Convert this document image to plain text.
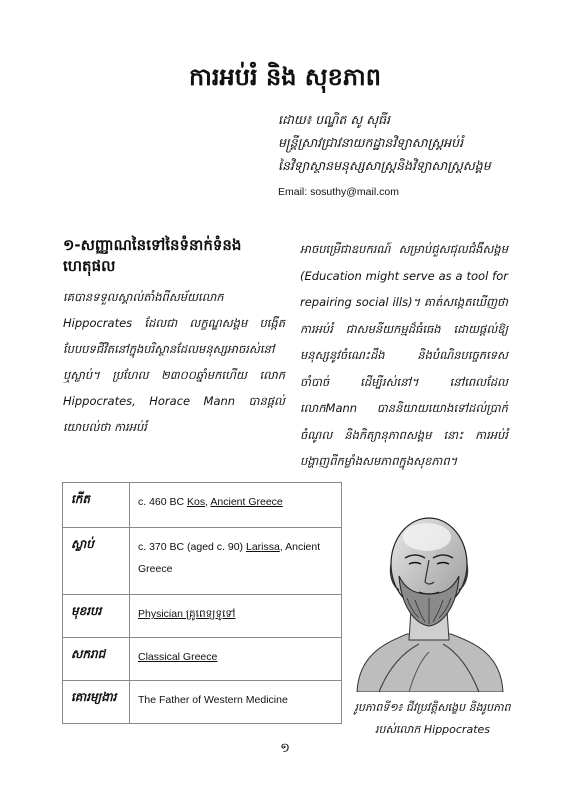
ការអប់រំ និង សុខភាព
ដោយ៖ បណ្ឌិត សូ សុធីរ
មន្ត្រីស្រាវជ្រាវនាយកដ្ឋានវិទ្យាសាស្ត្រអប់រំ
នៃវិទ្យាស្ថានមនុស្សសាស្ត្រនិងវិទ្យាសាស្ត្រសង្គម
Email: sosuthy@mail.com
១-សញ្ញាណនៃទៅនៃទំនាក់ទំនងហេតុផល

គេបានទទួលស្គាល់តាំងពីសម័យលោក Hippocrates ដែលជា លក្ខណ្ឌសង្គម បង្កើតបែបបទជីវិតនៅក្នុងបរិស្ថានដែលមនុស្សអាចរស់នៅ ឬស្លាប់។ ប្រហែល ២៣០០ឆ្នាំមកហើយ លោក Hippocrates, Horace Mann បានផ្តល់យោបល់ថា ការអប់រំ

អាចបម្រើជាឧបករណ៍ សម្រាប់ជួសជុលជំងឺសង្គម (Education might serve as a tool for repairing social ills)។ គាត់សង្កេតឃើញថា ការអប់រំ ជាសមនីយកម្មដ៏ធំធេង ដោយផ្តល់ឱ្យមនុស្សនូវចំណេះដឹង និងបំណិនបច្ចេកទេសចាំបាច់ ដើម្បីរស់នៅ។ នៅពេលដែលលោកMann បាននិយាយយោងទៅដល់ប្រាក់ចំណូល និងកិត្យានុភាពសង្គម នោះ ការអប់រំ បង្ហាញពីកម្លាំងសមភាពក្នុងសុខភាព។

កើត	c. 460 BC Kos, Ancient Greece
ស្លាប់	c. 370 BC (aged c. 90) Larissa, Ancient Greece
មុខរបរ	Physician គ្រូពេទ្យទូទៅ
សករាជ	Classical Greece
គោរម្យងារ	The Father of Western Medicine
រូបភាពទី១៖ ជីវប្រវត្តិសង្ខេប និងរូបភាពរបស់លោក Hippocrates
១
